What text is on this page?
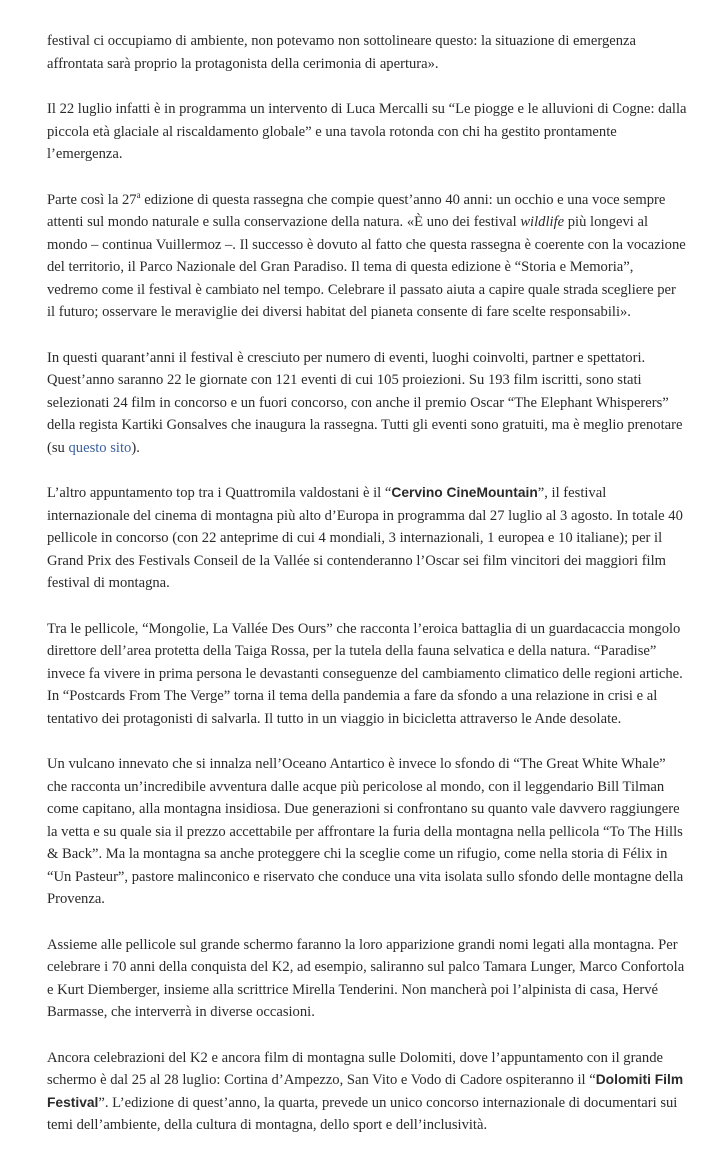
festival ci occupiamo di ambiente, non potevamo non sottolineare questo: la situazione di emergenza affrontata sarà proprio la protagonista della cerimonia di apertura».

Il 22 luglio infatti è in programma un intervento di Luca Mercalli su “Le piogge e le alluvioni di Cogne: dalla piccola età glaciale al riscaldamento globale” e una tavola rotonda con chi ha gestito prontamente l’emergenza.

Parte così la 27$^a$ edizione di questa rassegna che compie quest’anno 40 anni: un occhio e una voce sempre attenti sul mondo naturale e sulla conservazione della natura. «È uno dei festival wildlife più longevi al mondo – continua Vuillermoz –. Il successo è dovuto al fatto che questa rassegna è coerente con la vocazione del territorio, il Parco Nazionale del Gran Paradiso. Il tema di questa edizione è “Storia e Memoria”, vedremo come il festival è cambiato nel tempo. Celebrare il passato aiuta a capire quale strada scegliere per il futuro; osservare le meraviglie dei diversi habitat del pianeta consente di fare scelte responsabili».

In questi quarant’anni il festival è cresciuto per numero di eventi, luoghi coinvolti, partner e spettatori. Quest’anno saranno 22 le giornate con 121 eventi di cui 105 proiezioni. Su 193 film iscritti, sono stati selezionati 24 film in concorso e un fuori concorso, con anche il premio Oscar “The Elephant Whisperers” della regista Kartiki Gonsalves che inaugura la rassegna. Tutti gli eventi sono gratuiti, ma è meglio prenotare (su questo sito).

L’altro appuntamento top tra i Quattromila valdostani è il “Cervino CineMountain”, il festival internazionale del cinema di montagna più alto d’Europa in programma dal 27 luglio al 3 agosto. In totale 40 pellicole in concorso (con 22 anteprime di cui 4 mondiali, 3 internazionali, 1 europea e 10 italiane); per il Grand Prix des Festivals Conseil de la Vallée si contenderanno l’Oscar sei film vincitori dei maggiori film festival di montagna.

Tra le pellicole, “Mongolie, La Vallée Des Ours” che racconta l’eroica battaglia di un guardacaccia mongolo direttore dell’area protetta della Taiga Rossa, per la tutela della fauna selvatica e della natura. “Paradise” invece fa vivere in prima persona le devastanti conseguenze del cambiamento climatico delle regioni artiche. In “Postcards From The Verge” torna il tema della pandemia a fare da sfondo a una relazione in crisi e al tentativo dei protagonisti di salvarla. Il tutto in un viaggio in bicicletta attraverso le Ande desolate.

Un vulcano innevato che si innalza nell’Oceano Antartico è invece lo sfondo di “The Great White Whale” che racconta un’incredibile avventura dalle acque più pericolose al mondo, con il leggendario Bill Tilman come capitano, alla montagna insidiosa. Due generazioni si confrontano su quanto vale davvero raggiungere la vetta e su quale sia il prezzo accettabile per affrontare la furia della montagna nella pellicola “To The Hills & Back”. Ma la montagna sa anche proteggere chi la sceglie come un rifugio, come nella storia di Félix in “Un Pasteur”, pastore malinconico e riservato che conduce una vita isolata sullo sfondo delle montagne della Provenza.

Assieme alle pellicole sul grande schermo faranno la loro apparizione grandi nomi legati alla montagna. Per celebrare i 70 anni della conquista del K2, ad esempio, saliranno sul palco Tamara Lunger, Marco Confortola e Kurt Diemberger, insieme alla scrittrice Mirella Tenderini. Non mancherà poi l’alpinista di casa, Hervé Barmasse, che interverrà in diverse occasioni.

Ancora celebrazioni del K2 e ancora film di montagna sulle Dolomiti, dove l’appuntamento con il grande schermo è dal 25 al 28 luglio: Cortina d’Ampezzo, San Vito e Vodo di Cadore ospiteranno il “Dolomiti Film Festival”. L’edizione di quest’anno, la quarta, prevede un unico concorso internazionale di documentari sui temi dell’ambiente, della cultura di montagna, dello sport e dell’inclusività.
